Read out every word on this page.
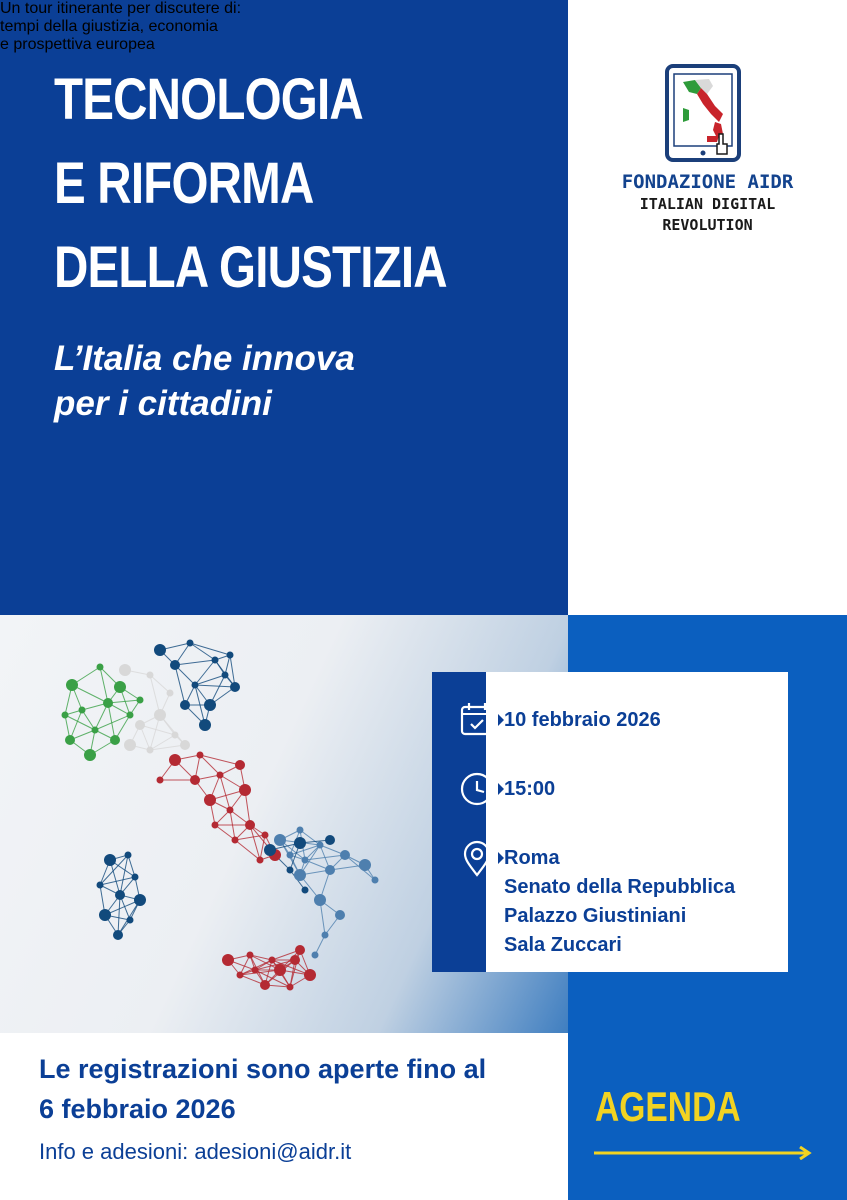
TECNOLOGIA
E RIFORMA
DELLA GIUSTIZIA
L’Italia che innova
per i cittadini

Un tour itinerante per discutere di:
tempi della giustizia, economia
e prospettiva europea

FONDAZIONE AIDR
ITALIAN DIGITAL
REVOLUTION
10 febbraio 2026
15:00
Roma
Senato della Repubblica
Palazzo Giustiniani
Sala Zuccari
Le registrazioni sono aperte fino al
6 febbraio 2026
Info e adesioni: adesioni@aidr.it
AGENDA
